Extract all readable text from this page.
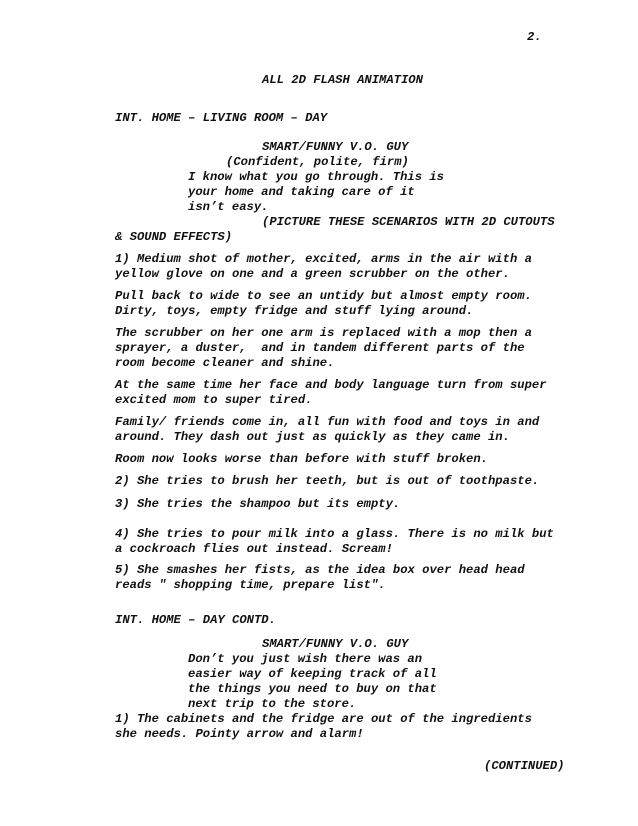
2.
ALL 2D FLASH ANIMATION
INT. HOME – LIVING ROOM – DAY
SMART/FUNNY V.O. GUY
(Confident, polite, firm)
I know what you go through. This is
your home and taking care of it
isn’t easy.
(PICTURE THESE SCENARIOS WITH 2D CUTOUTS
& SOUND EFFECTS)
1) Medium shot of mother, excited, arms in the air with a
yellow glove on one and a green scrubber on the other.
Pull back to wide to see an untidy but almost empty room.
Dirty, toys, empty fridge and stuff lying around.
The scrubber on her one arm is replaced with a mop then a
sprayer, a duster,  and in tandem different parts of the
room become cleaner and shine.
At the same time her face and body language turn from super
excited mom to super tired.
Family/ friends come in, all fun with food and toys in and
around. They dash out just as quickly as they came in.
Room now looks worse than before with stuff broken.
2) She tries to brush her teeth, but is out of toothpaste.
3) She tries the shampoo but its empty.
4) She tries to pour milk into a glass. There is no milk but
a cockroach flies out instead. Scream!
5) She smashes her fists, as the idea box over head head
reads " shopping time, prepare list".
INT. HOME – DAY CONTD.
SMART/FUNNY V.O. GUY
Don’t you just wish there was an
easier way of keeping track of all
the things you need to buy on that
next trip to the store.
1) The cabinets and the fridge are out of the ingredients
she needs. Pointy arrow and alarm!
(CONTINUED)
